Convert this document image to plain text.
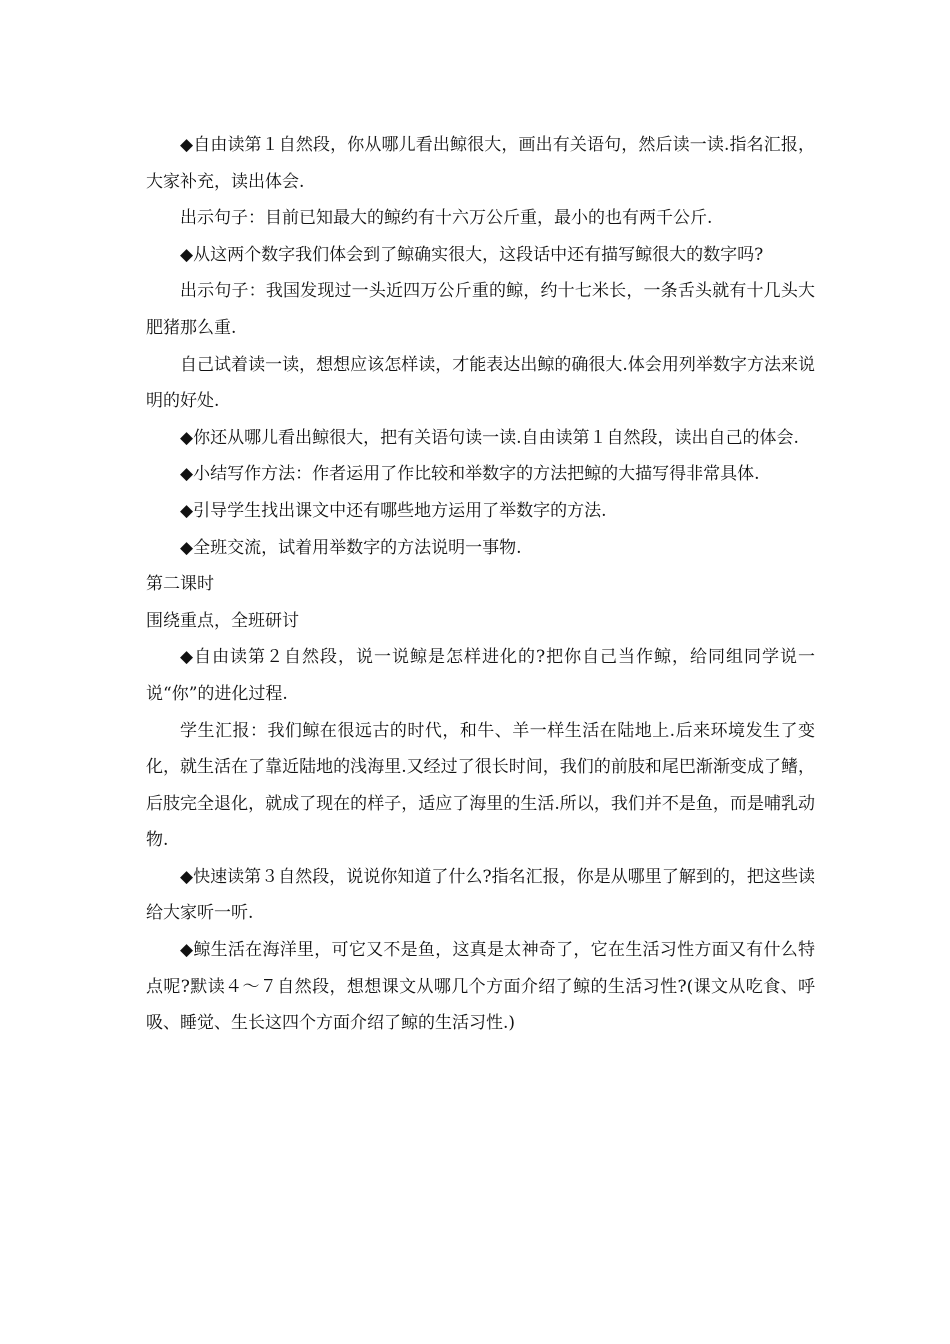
◆自由读第１自然段，你从哪儿看出鲸很大，画出有关语句，然后读一读.指名汇报，大家补充，读出体会.

出示句子：目前已知最大的鲸约有十六万公斤重，最小的也有两千公斤.

◆从这两个数字我们体会到了鲸确实很大，这段话中还有描写鲸很大的数字吗?

出示句子：我国发现过一头近四万公斤重的鲸，约十七米长，一条舌头就有十几头大肥猪那么重.

自己试着读一读，想想应该怎样读，才能表达出鲸的确很大.体会用列举数字方法来说明的好处.

◆你还从哪儿看出鲸很大，把有关语句读一读.自由读第１自然段，读出自己的体会.

◆小结写作方法：作者运用了作比较和举数字的方法把鲸的大描写得非常具体.

◆引导学生找出课文中还有哪些地方运用了举数字的方法.

◆全班交流，试着用举数字的方法说明一事物.

第二课时

围绕重点，全班研讨

◆自由读第２自然段，说一说鲸是怎样进化的?把你自己当作鲸，给同组同学说一说“你”的进化过程.

学生汇报：我们鲸在很远古的时代，和牛、羊一样生活在陆地上.后来环境发生了变化，就生活在了靠近陆地的浅海里.又经过了很长时间，我们的前肢和尾巴渐渐变成了鳍，后肢完全退化，就成了现在的样子，适应了海里的生活.所以，我们并不是鱼，而是哺乳动物.

◆快速读第３自然段，说说你知道了什么?指名汇报，你是从哪里了解到的，把这些读给大家听一听.

◆鲸生活在海洋里，可它又不是鱼，这真是太神奇了，它在生活习性方面又有什么特点呢?默读４～７自然段，想想课文从哪几个方面介绍了鲸的生活习性?(课文从吃食、呼吸、睡觉、生长这四个方面介绍了鲸的生活习性.)
